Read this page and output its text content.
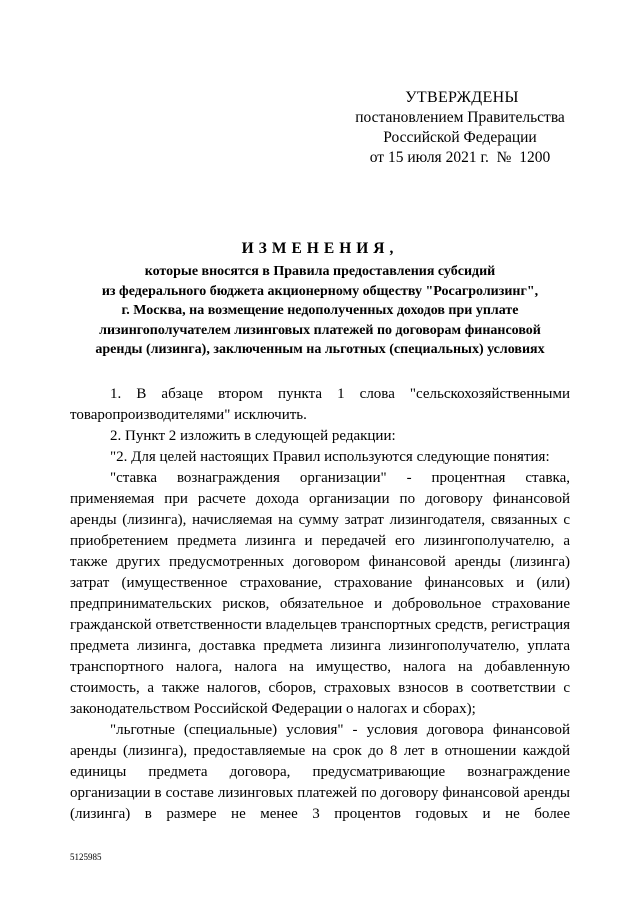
УТВЕРЖДЕНЫ
постановлением Правительства
Российской Федерации
от 15 июля 2021 г.  №  1200
ИЗМЕНЕНИЯ,
которые вносятся в Правила предоставления субсидий
из федерального бюджета акционерному обществу "Росагролизинг",
г. Москва, на возмещение недополученных доходов при уплате
лизингополучателем лизинговых платежей по договорам финансовой
аренды (лизинга), заключенным на льготных (специальных) условиях

1. В абзаце втором пункта 1 слова "сельскохозяйственными товаропроизводителями" исключить.

2. Пункт 2 изложить в следующей редакции:

"2. Для целей настоящих Правил используются следующие понятия:

"ставка вознаграждения организации" - процентная ставка, применяемая при расчете дохода организации по договору финансовой аренды (лизинга), начисляемая на сумму затрат лизингодателя, связанных с приобретением предмета лизинга и передачей его лизингополучателю, а также других предусмотренных договором финансовой аренды (лизинга) затрат (имущественное страхование, страхование финансовых и (или) предпринимательских рисков, обязательное и добровольное страхование гражданской ответственности владельцев транспортных средств, регистрация предмета лизинга, доставка предмета лизинга лизингополучателю, уплата транспортного налога, налога на имущество, налога на добавленную стоимость, а также налогов, сборов, страховых взносов в соответствии с законодательством Российской Федерации о налогах и сборах);

"льготные (специальные) условия" - условия договора финансовой аренды (лизинга), предоставляемые на срок до 8 лет в отношении каждой единицы предмета договора, предусматривающие вознаграждение организации в составе лизинговых платежей по договору финансовой аренды (лизинга) в размере не менее 3 процентов годовых и не более

5125985
